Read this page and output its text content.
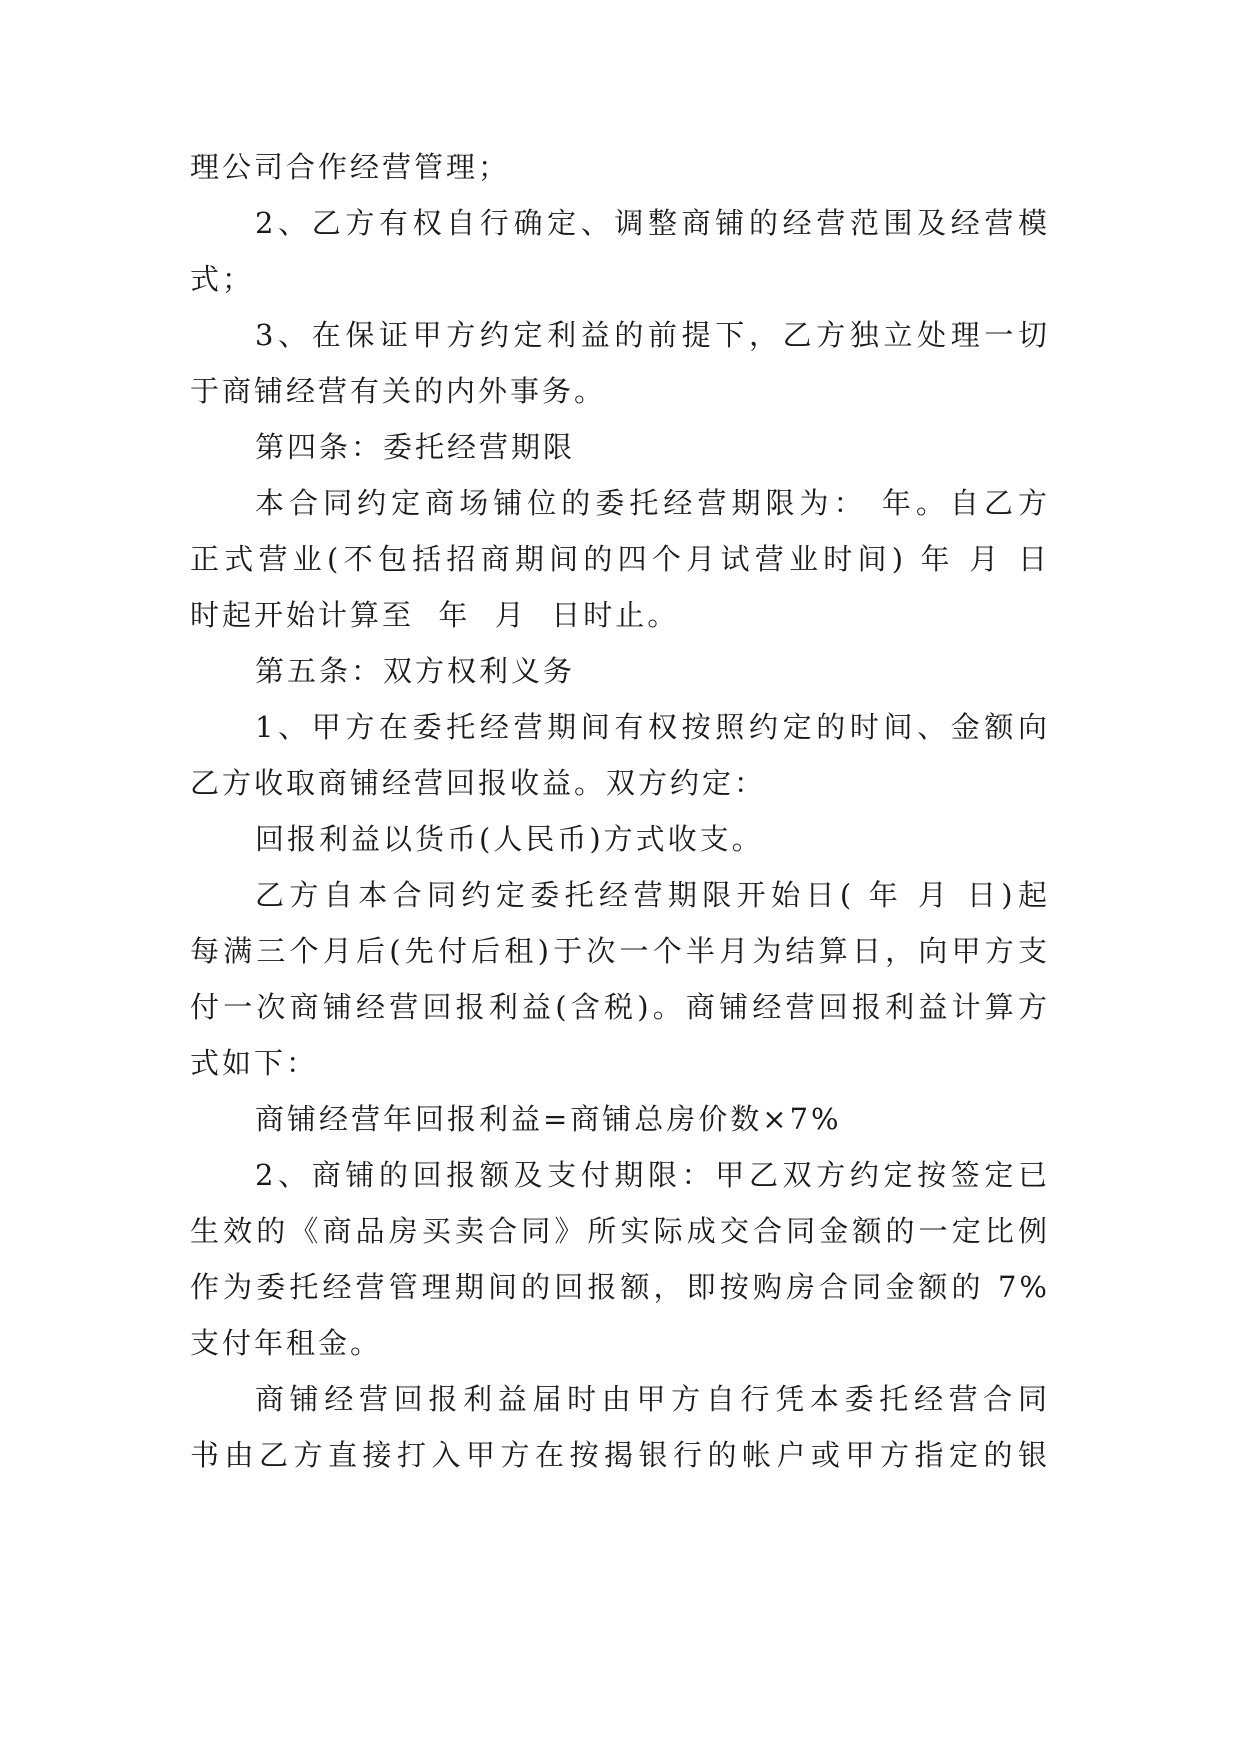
理公司合作经营管理；
2、乙方有权自行确定、调整商铺的经营范围及经营模
式；
3、在保证甲方约定利益的前提下，乙方独立处理一切
于商铺经营有关的内外事务。
第四条：委托经营期限
本合同约定商场铺位的委托经营期限为： 年。自乙方
正式营业(不包括招商期间的四个月试营业时间) 年 月 日
时起开始计算至  年  月  日时止。
第五条：双方权利义务
1、甲方在委托经营期间有权按照约定的时间、金额向
乙方收取商铺经营回报收益。双方约定：
回报利益以货币(人民币)方式收支。
乙方自本合同约定委托经营期限开始日( 年 月 日)起
每满三个月后(先付后租)于次一个半月为结算日，向甲方支
付一次商铺经营回报利益(含税)。商铺经营回报利益计算方
式如下：
商铺经营年回报利益=商铺总房价数×7%
2、商铺的回报额及支付期限：甲乙双方约定按签定已
生效的《商品房买卖合同》所实际成交合同金额的一定比例
作为委托经营管理期间的回报额，即按购房合同金额的 7%
支付年租金。
商铺经营回报利益届时由甲方自行凭本委托经营合同
书由乙方直接打入甲方在按揭银行的帐户或甲方指定的银
